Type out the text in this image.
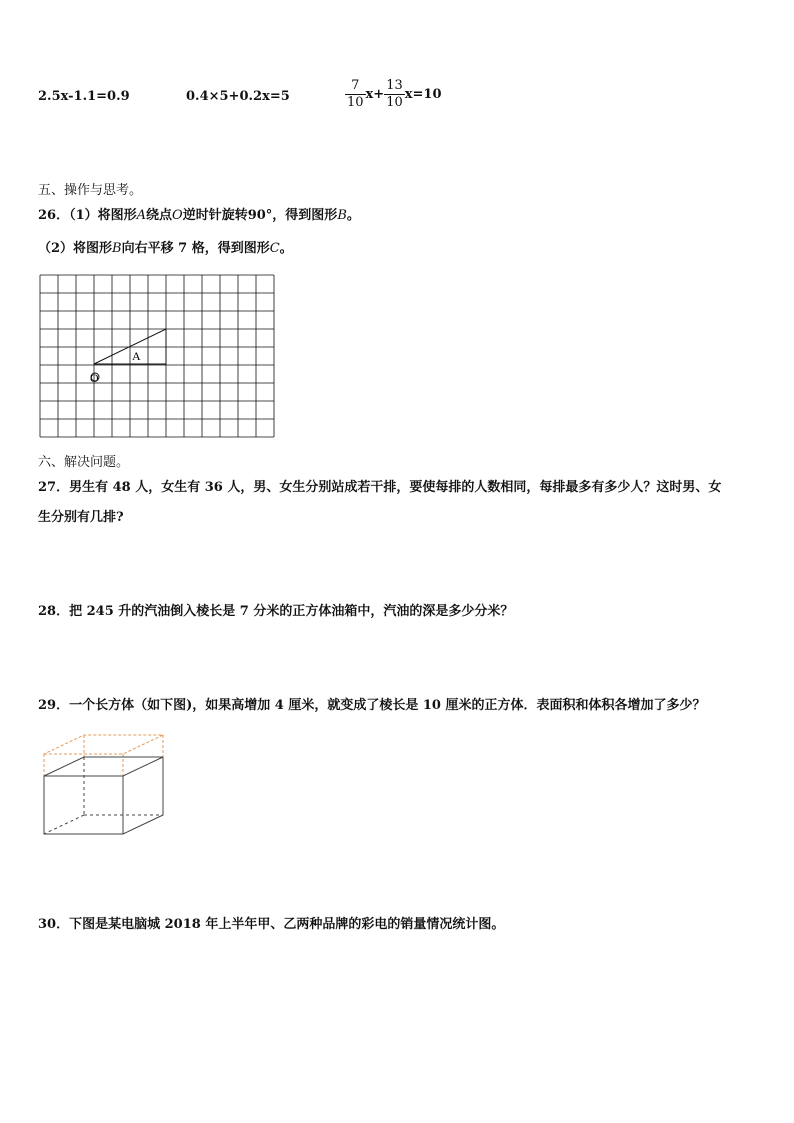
2.5x-1.1=0.9	0.4×5+0.2x=5	$\frac{7}{10} x+ \frac{13}{10} x=10$
五、操作与思考。
26．（1）将图形A绕点O逆时针旋转90°，得到图形B。
（2）将图形B向右平移 7 格，得到图形C。
A
O
六、解决问题。
27．男生有 48 人，女生有 36 人，男、女生分别站成若干排，要使每排的人数相同，每排最多有多少人？这时男、女
生分别有几排?
28．把 245 升的汽油倒入棱长是 7 分米的正方体油箱中，汽油的深是多少分米？
29．一个长方体（如下图)，如果高增加 4 厘米，就变成了棱长是 10 厘米的正方体．表面积和体积各增加了多少？
30．下图是某电脑城 2018 年上半年甲、乙两种品牌的彩电的销量情况统计图。
